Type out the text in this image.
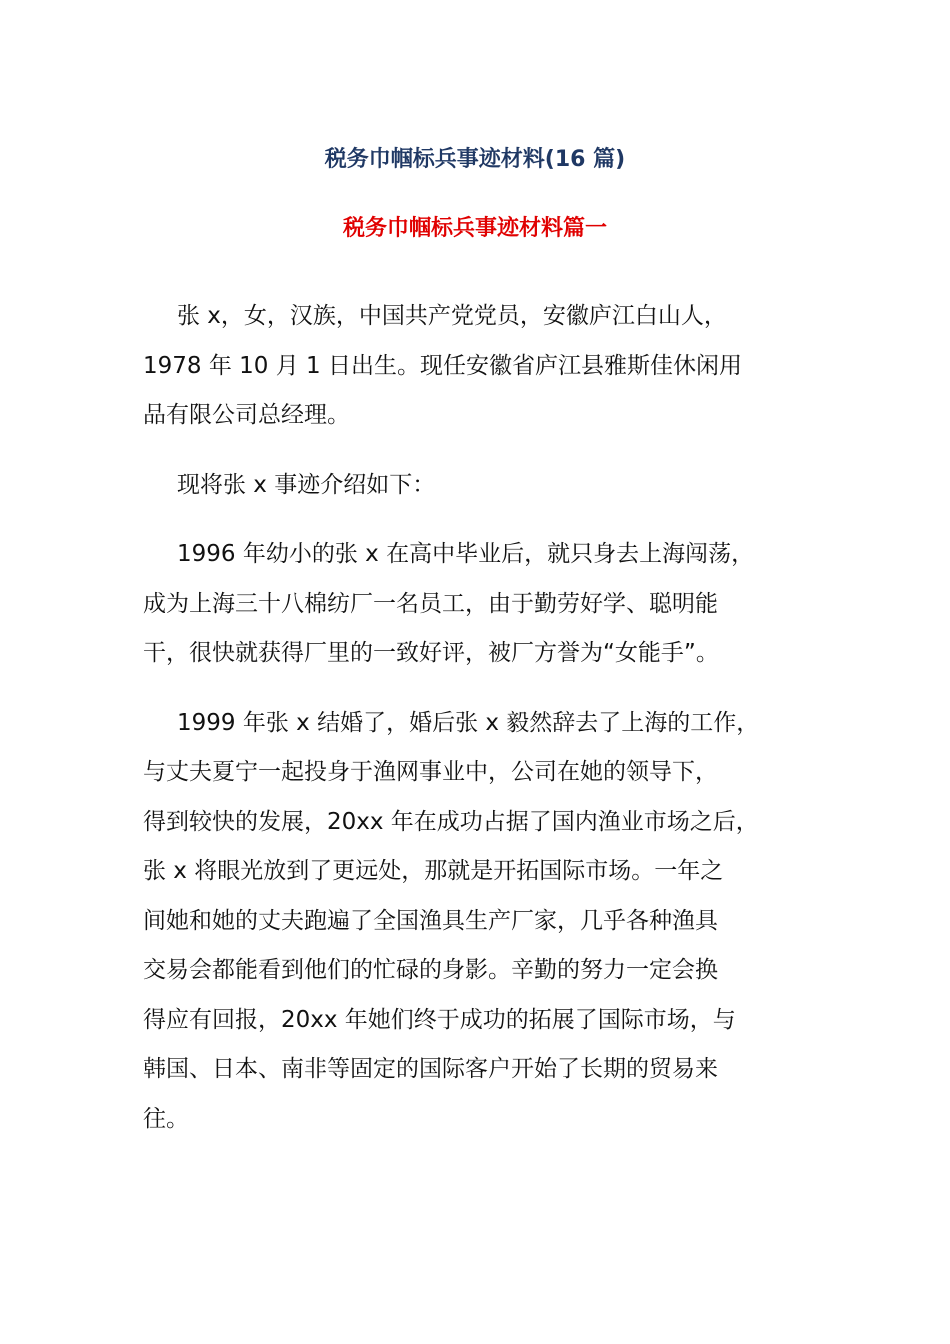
税务巾帼标兵事迹材料(16 篇)
税务巾帼标兵事迹材料篇一

张 x，女，汉族，中国共产党党员，安徽庐江白山人，
1978 年 10 月 1 日出生。现任安徽省庐江县雅斯佳休闲用
品有限公司总经理。

现将张 x 事迹介绍如下：

1996 年幼小的张 x 在高中毕业后，就只身去上海闯荡，
成为上海三十八棉纺厂一名员工，由于勤劳好学、聪明能
干，很快就获得厂里的一致好评，被厂方誉为“女能手”。

1999 年张 x 结婚了，婚后张 x 毅然辞去了上海的工作，
与丈夫夏宁一起投身于渔网事业中，公司在她的领导下，
得到较快的发展，20xx 年在成功占据了国内渔业市场之后，
张 x 将眼光放到了更远处，那就是开拓国际市场。一年之
间她和她的丈夫跑遍了全国渔具生产厂家，几乎各种渔具
交易会都能看到他们的忙碌的身影。辛勤的努力一定会换
得应有回报，20xx 年她们终于成功的拓展了国际市场，与
韩国、日本、南非等固定的国际客户开始了长期的贸易来
往。
